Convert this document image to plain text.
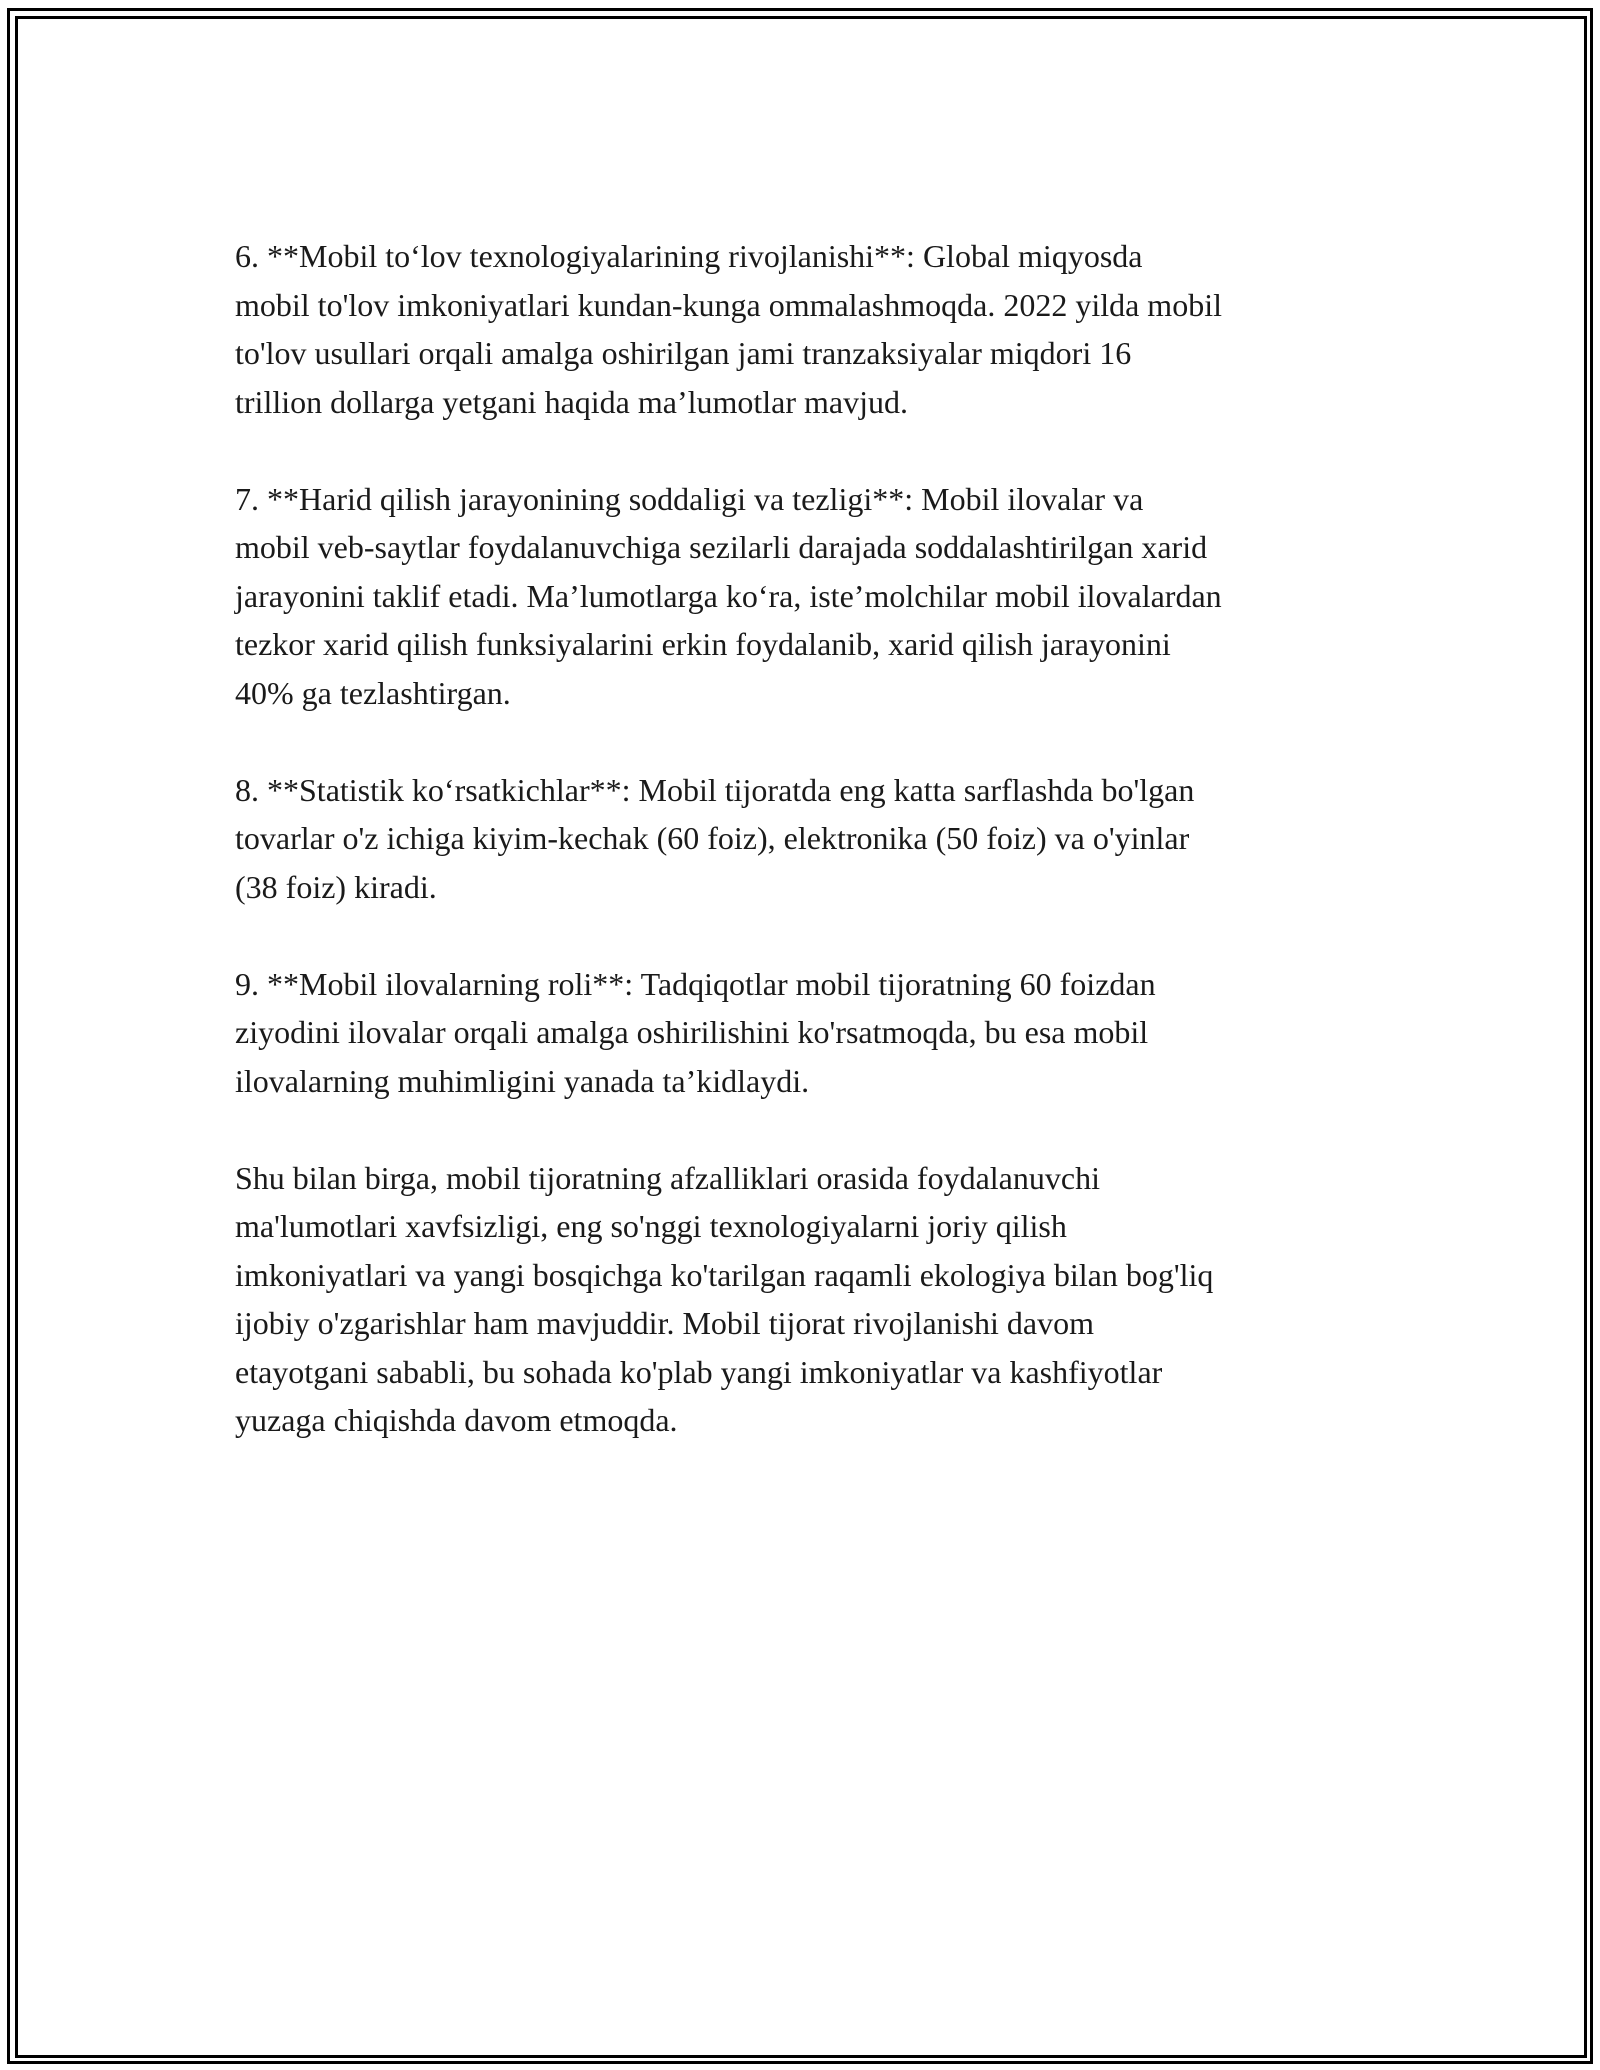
6. **Mobil to‘lov texnologiyalarining rivojlanishi**: Global miqyosda
mobil to'lov imkoniyatlari kundan-kunga ommalashmoqda. 2022 yilda mobil
to'lov usullari orqali amalga oshirilgan jami tranzaksiyalar miqdori 16
trillion dollarga yetgani haqida ma’lumotlar mavjud.

7. **Harid qilish jarayonining soddaligi va tezligi**: Mobil ilovalar va
mobil veb-saytlar foydalanuvchiga sezilarli darajada soddalashtirilgan xarid
jarayonini taklif etadi. Ma’lumotlarga ko‘ra, iste’molchilar mobil ilovalardan
tezkor xarid qilish funksiyalarini erkin foydalanib, xarid qilish jarayonini
40% ga tezlashtirgan.

8. **Statistik ko‘rsatkichlar**: Mobil tijoratda eng katta sarflashda bo'lgan
tovarlar o'z ichiga kiyim-kechak (60 foiz), elektronika (50 foiz) va o'yinlar
(38 foiz) kiradi.

9. **Mobil ilovalarning roli**: Tadqiqotlar mobil tijoratning 60 foizdan
ziyodini ilovalar orqali amalga oshirilishini ko'rsatmoqda, bu esa mobil
ilovalarning muhimligini yanada ta’kidlaydi.

Shu bilan birga, mobil tijoratning afzalliklari orasida foydalanuvchi
ma'lumotlari xavfsizligi, eng so'nggi texnologiyalarni joriy qilish
imkoniyatlari va yangi bosqichga ko'tarilgan raqamli ekologiya bilan bog'liq
ijobiy o'zgarishlar ham mavjuddir. Mobil tijorat rivojlanishi davom
etayotgani sababli, bu sohada ko'plab yangi imkoniyatlar va kashfiyotlar
yuzaga chiqishda davom etmoqda.
